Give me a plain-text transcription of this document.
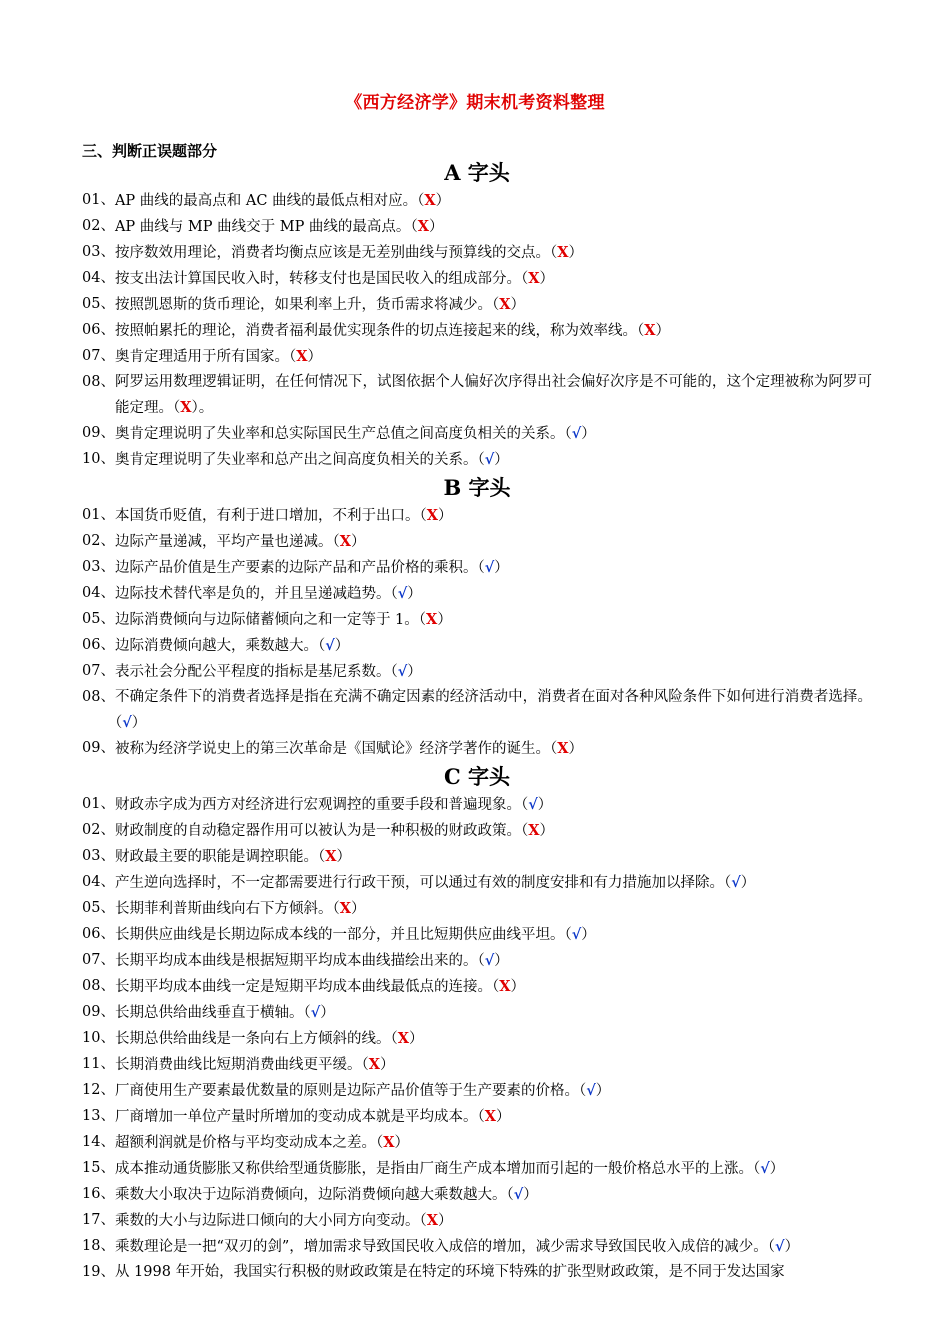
《西方经济学》期末机考资料整理
三、判断正误题部分
A 字头
01、 AP 曲线的最高点和 AC 曲线的最低点相对应。（X）
02、 AP 曲线与 MP 曲线交于 MP 曲线的最高点。（X）
03、 按序数效用理论，消费者均衡点应该是无差别曲线与预算线的交点。（X）
04、 按支出法计算国民收入时，转移支付也是国民收入的组成部分。（X）
05、 按照凯恩斯的货币理论，如果利率上升，货币需求将减少。（X）
06、 按照帕累托的理论，消费者福利最优实现条件的切点连接起来的线，称为效率线。（X）
07、 奥肯定理适用于所有国家。（X）
08、 阿罗运用数理逻辑证明，在任何情况下，试图依据个人偏好次序得出社会偏好次序是不可能的，这个定理被称为阿罗可能定理。（X）。
09、 奥肯定理说明了失业率和总实际国民生产总值之间高度负相关的关系。（√）
10、 奥肯定理说明了失业率和总产出之间高度负相关的关系。（√）
B 字头
01、 本国货币贬值，有利于进口增加，不利于出口。（X）
02、 边际产量递减，平均产量也递减。（X）
03、 边际产品价值是生产要素的边际产品和产品价格的乘积。（√）
04、 边际技术替代率是负的，并且呈递减趋势。（√）
05、 边际消费倾向与边际储蓄倾向之和一定等于 1。（X）
06、 边际消费倾向越大，乘数越大。（√）
07、 表示社会分配公平程度的指标是基尼系数。（√）
08、 不确定条件下的消费者选择是指在充满不确定因素的经济活动中，消费者在面对各种风险条件下如何进行消费者选择。（√）
09、 被称为经济学说史上的第三次革命是《国赋论》经济学著作的诞生。（X）
C 字头
01、 财政赤字成为西方对经济进行宏观调控的重要手段和普遍现象。（√）
02、 财政制度的自动稳定器作用可以被认为是一种积极的财政政策。（X）
03、 财政最主要的职能是调控职能。（X）
04、 产生逆向选择时，不一定都需要进行行政干预，可以通过有效的制度安排和有力措施加以择除。（√）
05、 长期菲利普斯曲线向右下方倾斜。（X）
06、 长期供应曲线是长期边际成本线的一部分，并且比短期供应曲线平坦。（√）
07、 长期平均成本曲线是根据短期平均成本曲线描绘出来的。（√）
08、 长期平均成本曲线一定是短期平均成本曲线最低点的连接。（X）
09、 长期总供给曲线垂直于横轴。（√）
10、 长期总供给曲线是一条向右上方倾斜的线。（X）
11、 长期消费曲线比短期消费曲线更平缓。（X）
12、 厂商使用生产要素最优数量的原则是边际产品价值等于生产要素的价格。（√）
13、 厂商增加一单位产量时所增加的变动成本就是平均成本。（X）
14、 超额利润就是价格与平均变动成本之差。（X）
15、 成本推动通货膨胀又称供给型通货膨胀，是指由厂商生产成本增加而引起的一般价格总水平的上涨。（√）
16、 乘数大小取决于边际消费倾向，边际消费倾向越大乘数越大。（√）
17、 乘数的大小与边际进口倾向的大小同方向变动。（X）
18、 乘数理论是一把“双刃的剑”，增加需求导致国民收入成倍的增加，减少需求导致国民收入成倍的减少。（√）
19、 从 1998 年开始，我国实行积极的财政政策是在特定的环境下特殊的扩张型财政政策，是不同于发达国家
